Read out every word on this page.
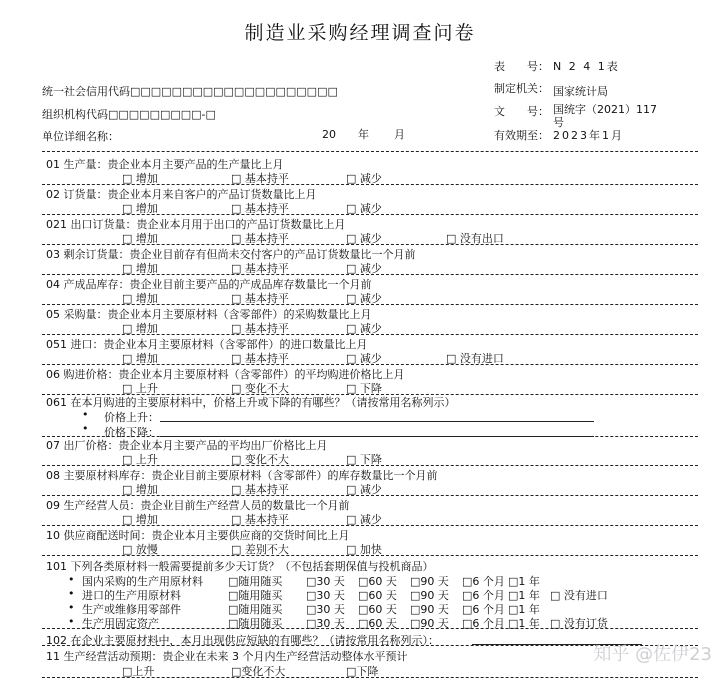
制造业采购经理调查问卷
表　　号： N 2 4 1表
制定机关： 国家统计局
文　　号： 国统字（2021）117号
有效期至： 2023年1月
统一社会信用代码□□□□□□□□□□□□□□□□□□□□
组织机构代码□□□□□□□□□-□
单位详细名称：	20　　年 月
01 生产量：贵企业本月主要产品的生产量比上月
□ 增加	□ 基本持平	□ 减少
02 订货量：贵企业本月来自客户的产品订货数量比上月
□ 增加	□ 基本持平	□ 减少
021 出口订货量：贵企业本月用于出口的产品订货数量比上月
□ 增加	□ 基本持平	□ 减少	□ 没有出口
03 剩余订货量：贵企业目前存有但尚未交付客户的产品订货数量比一个月前
□ 增加	□ 基本持平	□ 减少
04 产成品库存：贵企业目前主要产品的产成品库存数量比一个月前
□ 增加	□ 基本持平	□ 减少
05 采购量：贵企业本月主要原材料（含零部件）的采购数量比上月
□ 增加	□ 基本持平	□ 减少
051 进口：贵企业本月主要原材料（含零部件）的进口数量比上月
□ 增加	□ 基本持平	□ 减少	□ 没有进口
06 购进价格：贵企业本月主要原材料（含零部件）的平均购进价格比上月
□ 上升	□ 变化不大	□ 下降
061 在本月购进的主要原材料中，价格上升或下降的有哪些？（请按常用名称列示）
• 价格上升：
• 价格下降：
07 出厂价格：贵企业本月主要产品的平均出厂价格比上月
□ 上升	□ 变化不大	□ 下降
08 主要原材料库存：贵企业目前主要原材料（含零部件）的库存数量比一个月前
□ 增加	□ 基本持平	□ 减少
09 生产经营人员：贵企业目前生产经营人员的数量比一个月前
□ 增加	□ 基本持平	□ 减少
10 供应商配送时间：贵企业本月主要供应商的交货时间比上月
□ 放慢	□ 差别不大	□ 加快
101 下列各类原材料一般需要提前多少天订货？（不包括套期保值与投机商品）
• 国内采购的生产用原材料 □随用随买 □30 天 □60 天 □90 天 □6 个月 □1 年
• 进口的生产用原材料	□随用随买 □30 天 □60 天 □90 天 □6 个月 □1 年 □ 没有进口
• 生产或维修用零部件	□随用随买 □30 天 □60 天 □90 天 □6 个月 □1 年
• 生产用固定资产	□随用随买 □30 天 □60 天 □90 天 □6 个月 □1 年 □ 没有订货
102 在企业主要原材料中，本月出现供应短缺的有哪些？（请按常用名称列示）：
11 生产经营活动预期：贵企业在未来 3 个月内生产经营活动整体水平预计
□上升	□变化不大	□下降
知乎 @佐伊23
